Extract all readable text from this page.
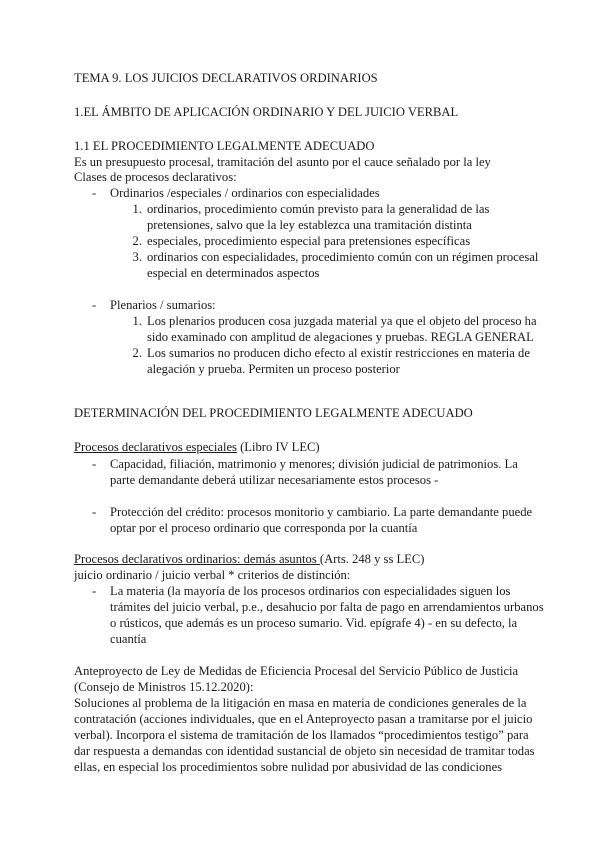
TEMA 9. LOS JUICIOS DECLARATIVOS ORDINARIOS
1.EL ÁMBITO DE APLICACIÓN ORDINARIO Y DEL JUICIO VERBAL
1.1 EL PROCEDIMIENTO LEGALMENTE ADECUADO
Es un presupuesto procesal, tramitación del asunto por el cauce señalado por la ley
Clases de procesos declarativos:
- Ordinarios /especiales / ordinarios con especialidades
1. ordinarios, procedimiento común previsto para la generalidad de las
pretensiones, salvo que la ley establezca una tramitación distinta
2. especiales, procedimiento especial para pretensiones específicas
3. ordinarios con especialidades, procedimiento común con un régimen procesal
especial en determinados aspectos
- Plenarios / sumarios:
1. Los plenarios producen cosa juzgada material ya que el objeto del proceso ha
sido examinado con amplitud de alegaciones y pruebas. REGLA GENERAL
2. Los sumarios no producen dicho efecto al existir restricciones en materia de
alegación y prueba. Permiten un proceso posterior
DETERMINACIÓN DEL PROCEDIMIENTO LEGALMENTE ADECUADO
Procesos declarativos especiales (Libro IV LEC)
- Capacidad, filiación, matrimonio y menores; división judicial de patrimonios. La
parte demandante deberá utilizar necesariamente estos procesos -
- Protección del crédito: procesos monitorio y cambiario. La parte demandante puede
optar por el proceso ordinario que corresponda por la cuantía
Procesos declarativos ordinarios: demás asuntos (Arts. 248 y ss LEC)
juicio ordinario / juicio verbal * criterios de distinción:
- La materia (la mayoría de los procesos ordinarios con especialidades siguen los
trámites del juicio verbal, p.e., desahucio por falta de pago en arrendamientos urbanos
o rústicos, que además es un proceso sumario. Vid. epígrafe 4) - en su defecto, la
cuantía
Anteproyecto de Ley de Medidas de Eficiencia Procesal del Servicio Público de Justicia
(Consejo de Ministros 15.12.2020):
Soluciones al problema de la litigación en masa en materia de condiciones generales de la
contratación (acciones individuales, que en el Anteproyecto pasan a tramitarse por el juicio
verbal). Incorpora el sistema de tramitación de los llamados “procedimientos testigo” para
dar respuesta a demandas con identidad sustancial de objeto sin necesidad de tramitar todas
ellas, en especial los procedimientos sobre nulidad por abusividad de las condiciones
